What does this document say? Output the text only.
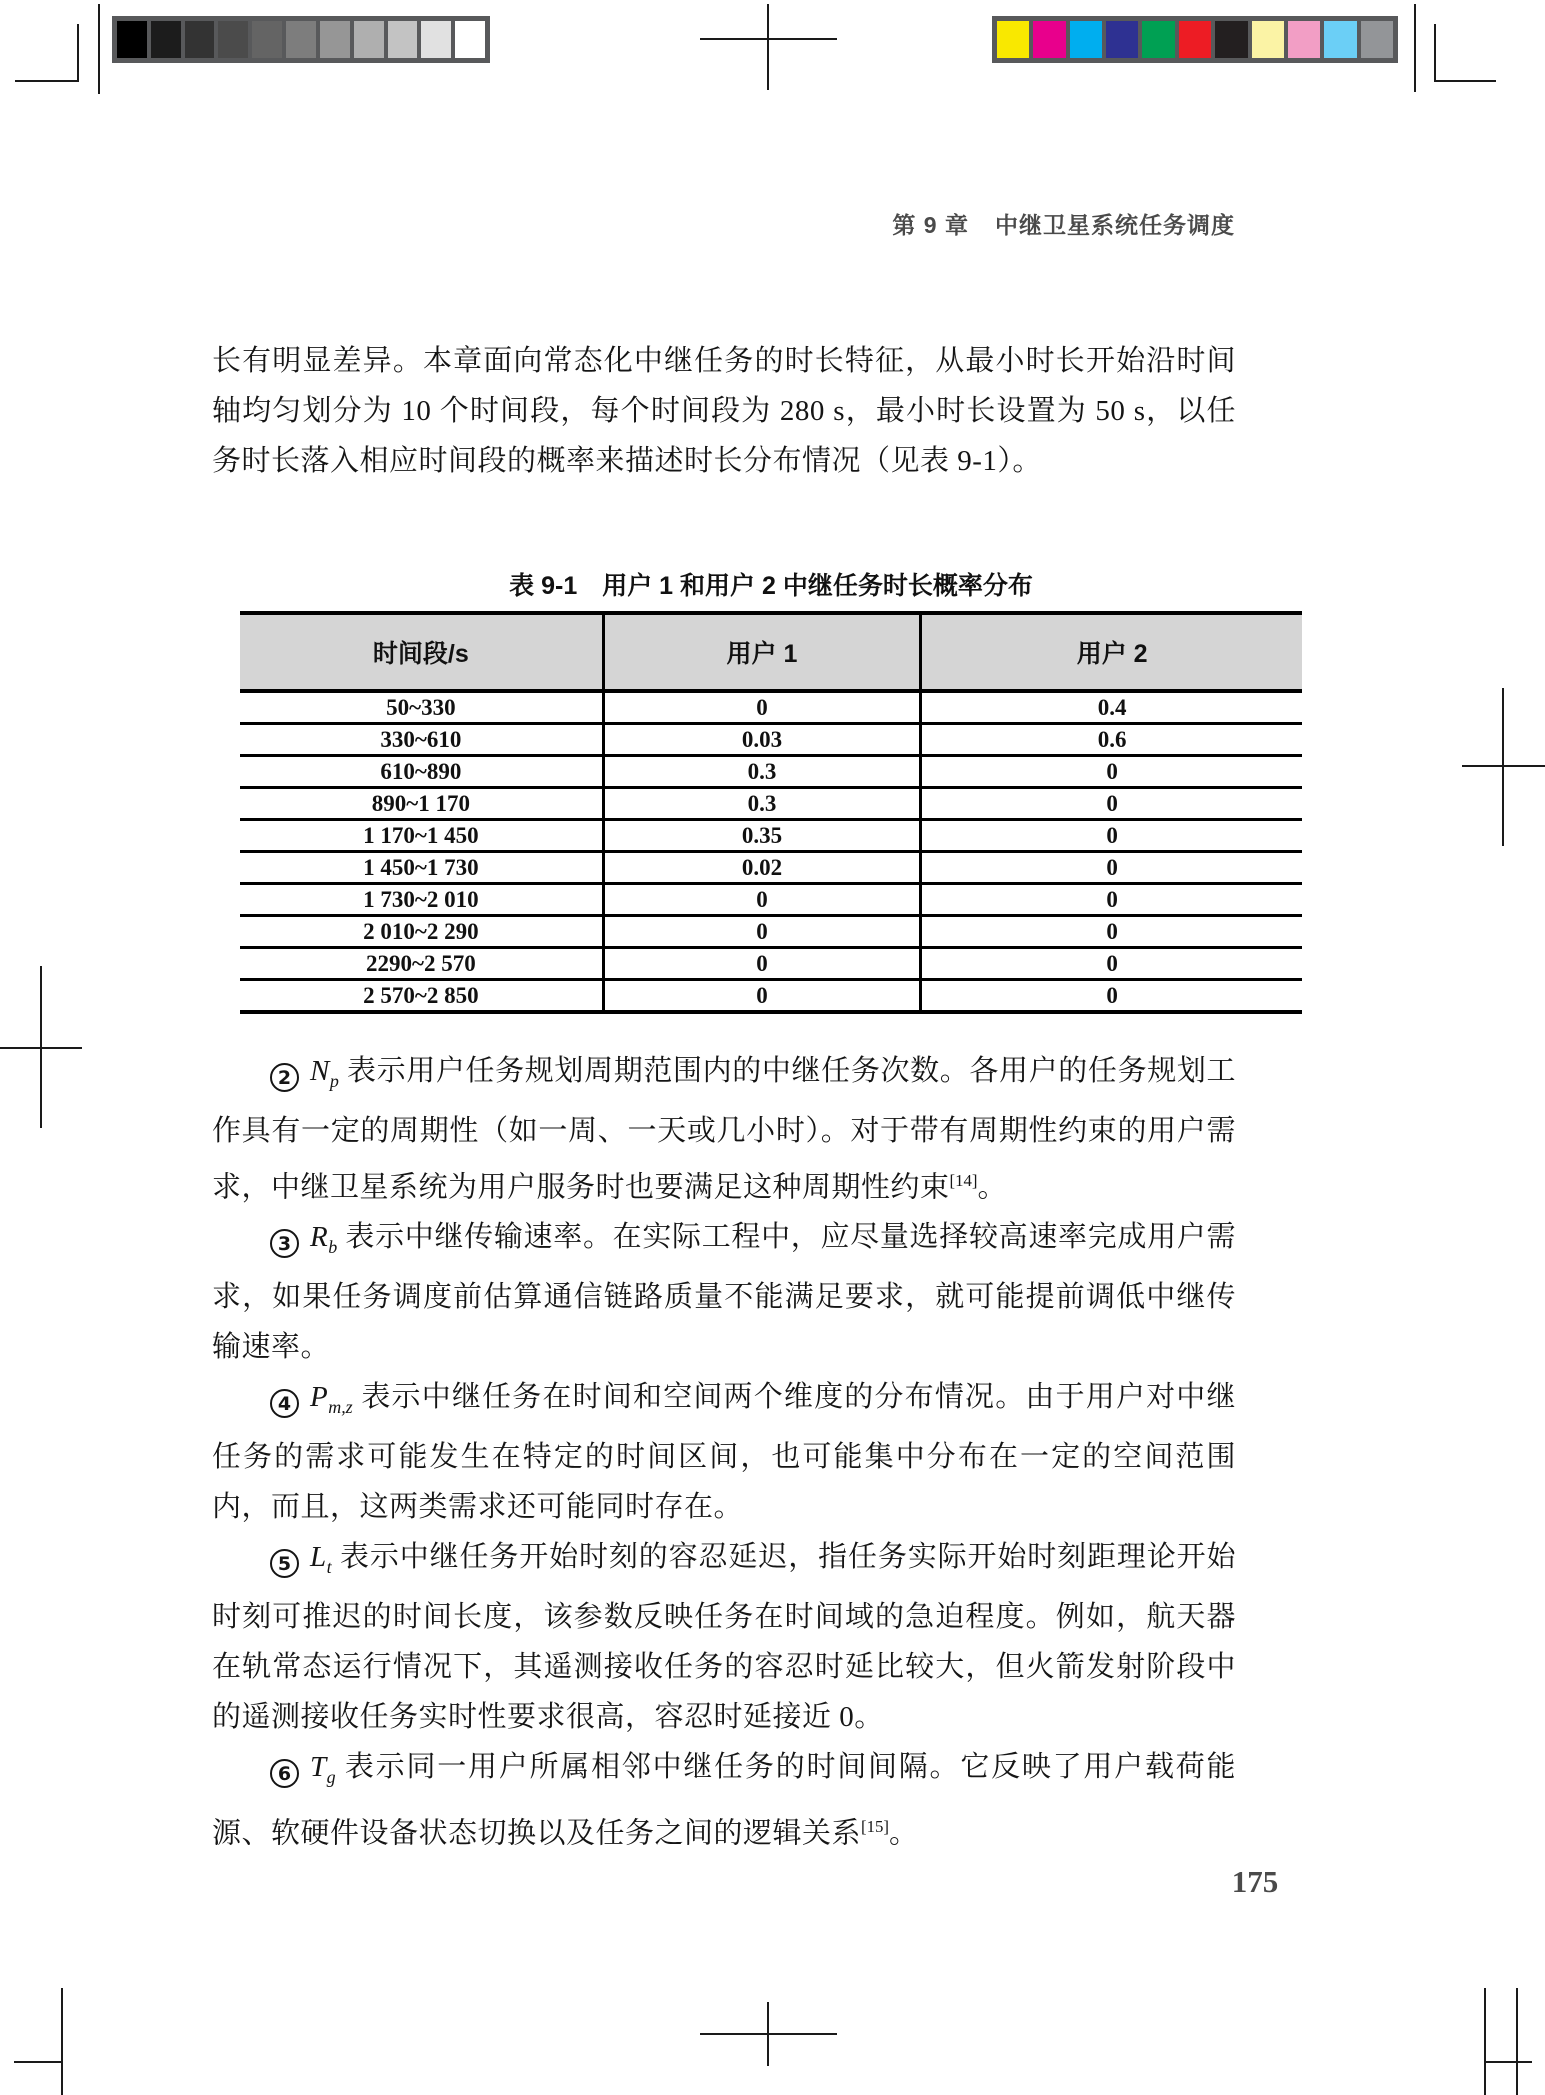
第 9 章 中继卫星系统任务调度

长有明显差异。本章面向常态化中继任务的时长特征，从最小时长开始沿时间轴均匀划分为 10 个时间段，每个时间段为 280 s，最小时长设置为 50 s，以任务时长落入相应时间段的概率来描述时长分布情况（见表 9-1）。

表 9-1　用户 1 和用户 2 中继任务时长概率分布
时间段/s	用户 1	用户 2
50~330	0	0.4
330~610	0.03	0.6
610~890	0.3	0
890~1 170	0.3	0
1 170~1 450	0.35	0
1 450~1 730	0.02	0
1 730~2 010	0	0
2 010~2 290	0	0
2290~2 570	0	0
2 570~2 850	0	0

2 $N_p$ 表示用户任务规划周期范围内的中继任务次数。各用户的任务规划工作具有一定的周期性（如一周、一天或几小时）。对于带有周期性约束的用户需求，中继卫星系统为用户服务时也要满足这种周期性约束[14]。

3 $R_b$ 表示中继传输速率。在实际工程中，应尽量选择较高速率完成用户需求，如果任务调度前估算通信链路质量不能满足要求，就可能提前调低中继传输速率。

4 $P_{m,z}$ 表示中继任务在时间和空间两个维度的分布情况。由于用户对中继任务的需求可能发生在特定的时间区间，也可能集中分布在一定的空间范围内，而且，这两类需求还可能同时存在。

5 $L_t$ 表示中继任务开始时刻的容忍延迟，指任务实际开始时刻距理论开始时刻可推迟的时间长度，该参数反映任务在时间域的急迫程度。例如，航天器在轨常态运行情况下，其遥测接收任务的容忍时延比较大，但火箭发射阶段中的遥测接收任务实时性要求很高，容忍时延接近 0。

6 $T_g$ 表示同一用户所属相邻中继任务的时间间隔。它反映了用户载荷能源、软硬件设备状态切换以及任务之间的逻辑关系[15]。

175
